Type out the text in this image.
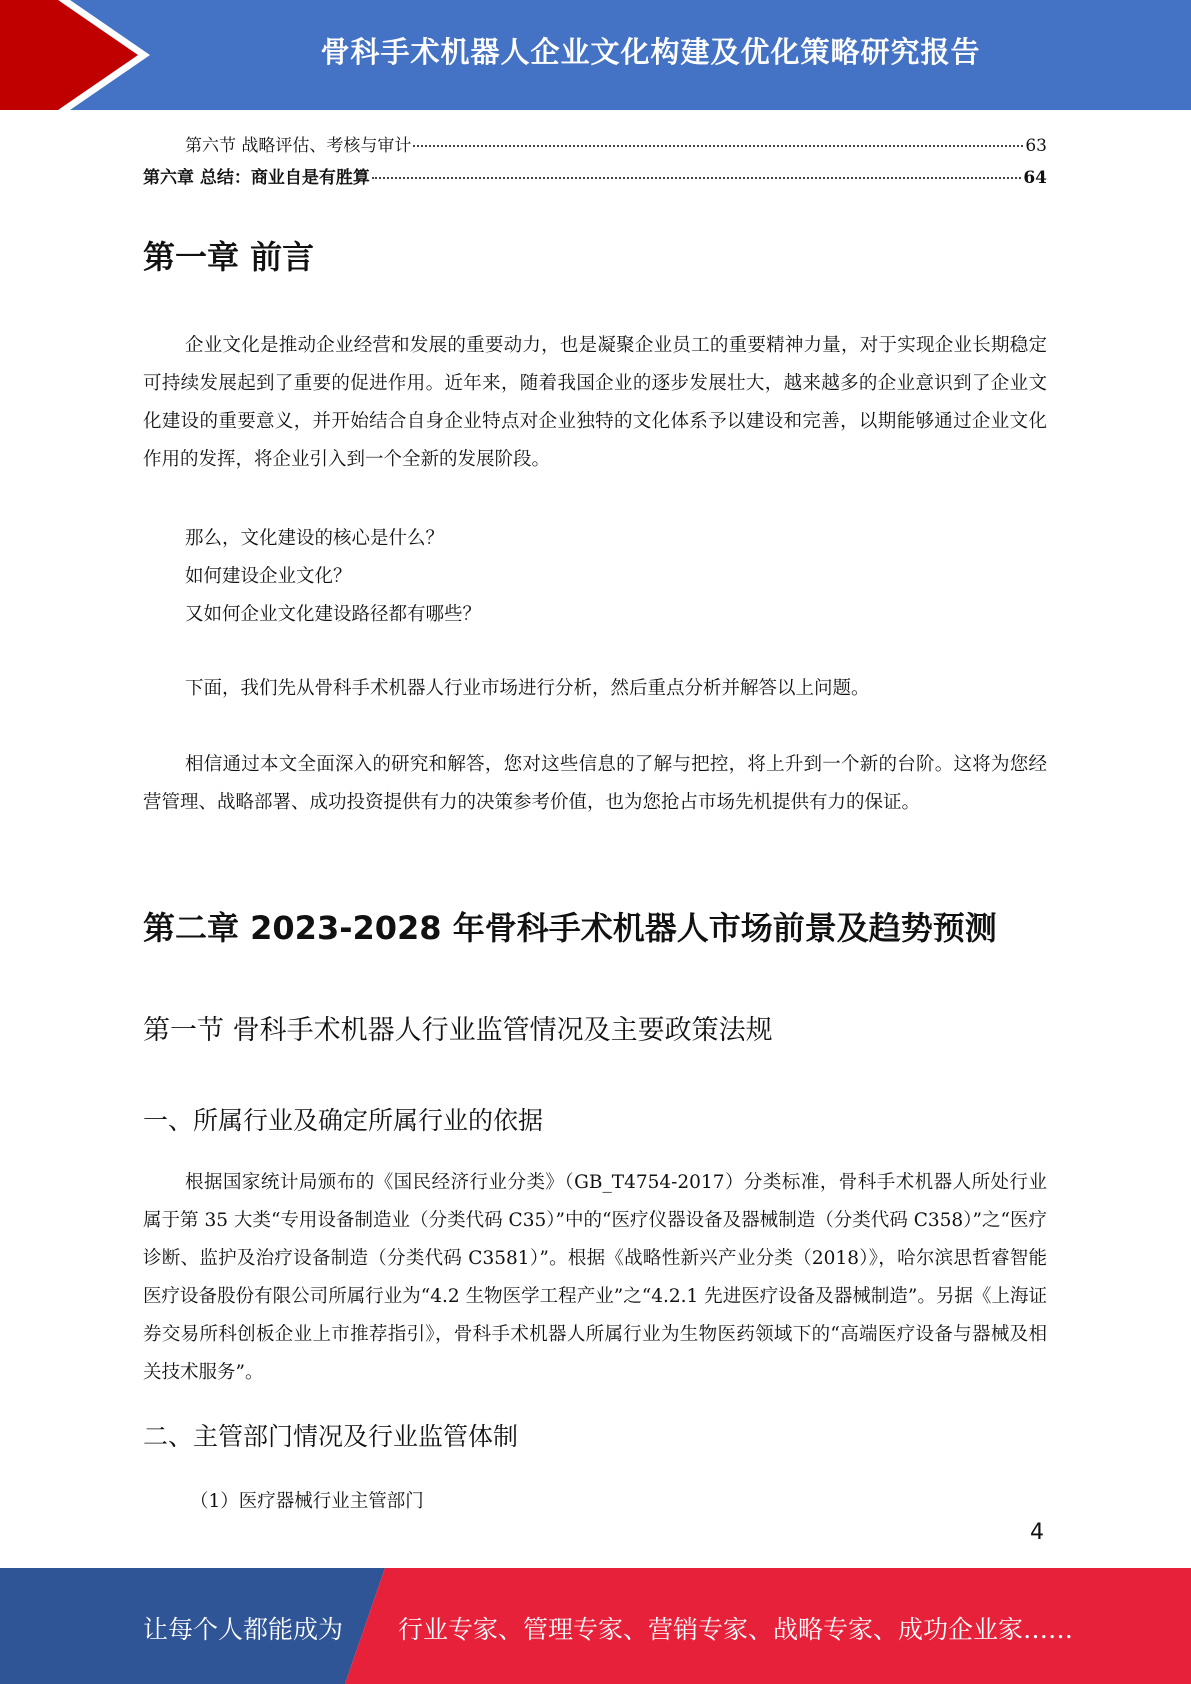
骨科手术机器人企业文化构建及优化策略研究报告
第六节 战略评估、考核与审计	63
第六章 总结：商业自是有胜算	64
第一章 前言
企业文化是推动企业经营和发展的重要动力，也是凝聚企业员工的重要精神力量，对于实现企业长期稳定可持续发展起到了重要的促进作用。近年来，随着我国企业的逐步发展壮大，越来越多的企业意识到了企业文化建设的重要意义，并开始结合自身企业特点对企业独特的文化体系予以建设和完善，以期能够通过企业文化作用的发挥，将企业引入到一个全新的发展阶段。
那么，文化建设的核心是什么？
如何建设企业文化？
又如何企业文化建设路径都有哪些？
下面，我们先从骨科手术机器人行业市场进行分析，然后重点分析并解答以上问题。
相信通过本文全面深入的研究和解答，您对这些信息的了解与把控，将上升到一个新的台阶。这将为您经营管理、战略部署、成功投资提供有力的决策参考价值，也为您抢占市场先机提供有力的保证。
第二章 2023-2028 年骨科手术机器人市场前景及趋势预测
第一节 骨科手术机器人行业监管情况及主要政策法规
一、所属行业及确定所属行业的依据
根据国家统计局颁布的《国民经济行业分类》（GB_T4754-2017）分类标准，骨科手术机器人所处行业属于第 35 大类“专用设备制造业（分类代码 C35）”中的“医疗仪器设备及器械制造（分类代码 C358）”之“医疗诊断、监护及治疗设备制造（分类代码 C3581）”。根据《战略性新兴产业分类（2018）》，哈尔滨思哲睿智能医疗设备股份有限公司所属行业为“4.2 生物医学工程产业”之“4.2.1 先进医疗设备及器械制造”。另据《上海证券交易所科创板企业上市推荐指引》，骨科手术机器人所属行业为生物医药领域下的“高端医疗设备与器械及相关技术服务”。
二、主管部门情况及行业监管体制
（1）医疗器械行业主管部门
4
让每个人都能成为 行业专家、管理专家、营销专家、战略专家、成功企业家……
